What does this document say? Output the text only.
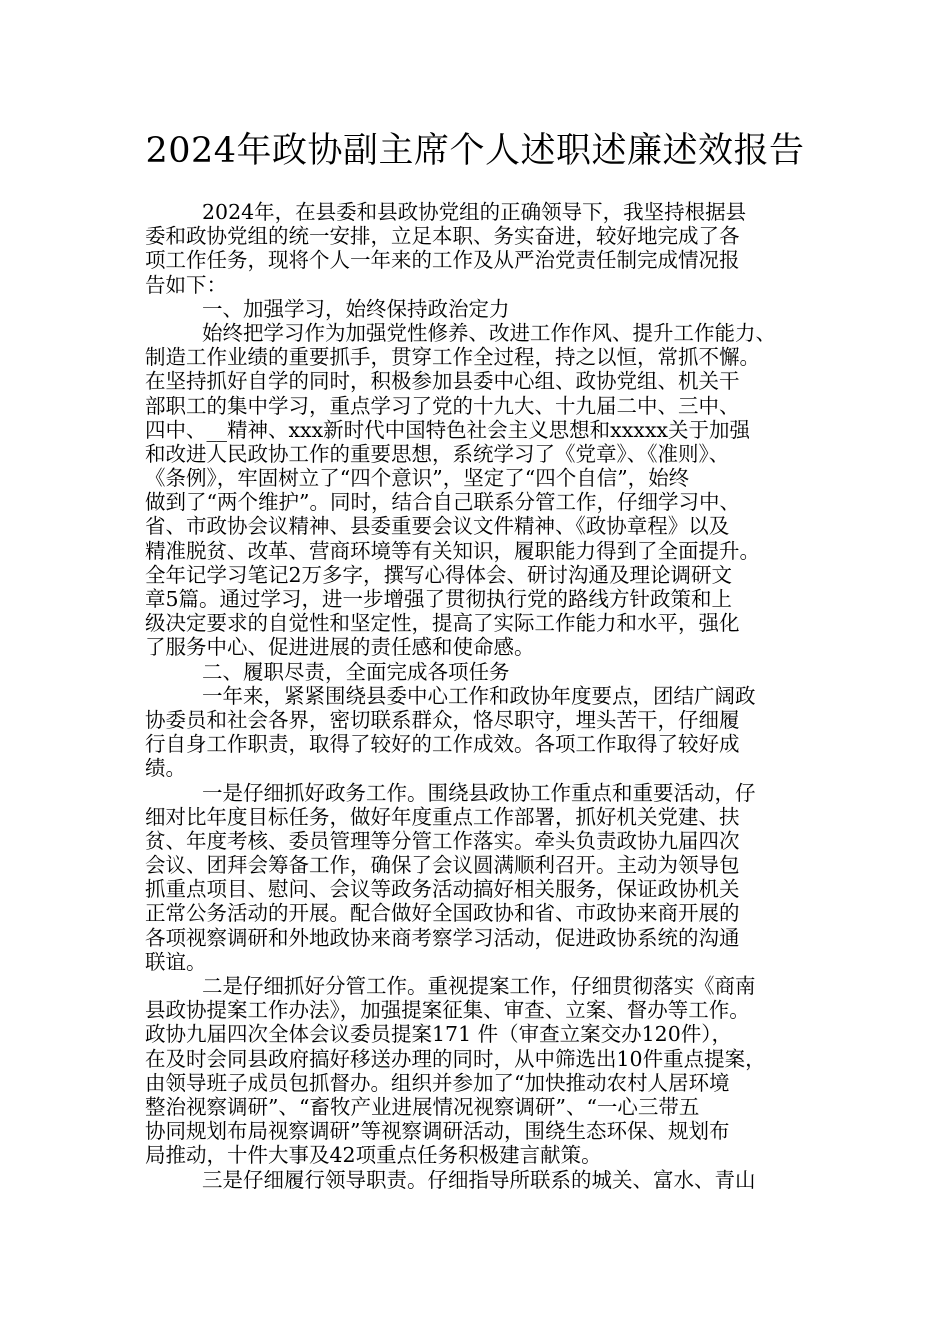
2024年政协副主席个人述职述廉述效报告
2024年，在县委和县政协党组的正确领导下，我坚持根据县
委和政协党组的统一安排，立足本职、务实奋进，较好地完成了各
项工作任务，现将个人一年来的工作及从严治党责任制完成情况报
告如下：
一、加强学习，始终保持政治定力
始终把学习作为加强党性修养、改进工作作风、提升工作能力、
制造工作业绩的重要抓手，贯穿工作全过程，持之以恒，常抓不懈。
在坚持抓好自学的同时，积极参加县委中心组、政协党组、机关干
部职工的集中学习，重点学习了党的十九大、十九届二中、三中、
四中、__精神、xxx新时代中国特色社会主义思想和xxxxx关于加强
和改进人民政协工作的重要思想，系统学习了《党章》、《准则》、
《条例》，牢固树立了“四个意识”，坚定了“四个自信”，始终
做到了“两个维护”。同时，结合自己联系分管工作，仔细学习中、
省、市政协会议精神、县委重要会议文件精神、《政协章程》以及
精准脱贫、改革、营商环境等有关知识，履职能力得到了全面提升。
全年记学习笔记2万多字，撰写心得体会、研讨沟通及理论调研文
章5篇。通过学习，进一步增强了贯彻执行党的路线方针政策和上
级决定要求的自觉性和坚定性，提高了实际工作能力和水平，强化
了服务中心、促进进展的责任感和使命感。
二、履职尽责，全面完成各项任务
一年来，紧紧围绕县委中心工作和政协年度要点，团结广阔政
协委员和社会各界，密切联系群众，恪尽职守，埋头苦干，仔细履
行自身工作职责，取得了较好的工作成效。各项工作取得了较好成
绩。
一是仔细抓好政务工作。围绕县政协工作重点和重要活动，仔
细对比年度目标任务，做好年度重点工作部署，抓好机关党建、扶
贫、年度考核、委员管理等分管工作落实。牵头负责政协九届四次
会议、团拜会筹备工作，确保了会议圆满顺利召开。主动为领导包
抓重点项目、慰问、会议等政务活动搞好相关服务，保证政协机关
正常公务活动的开展。配合做好全国政协和省、市政协来商开展的
各项视察调研和外地政协来商考察学习活动，促进政协系统的沟通
联谊。
二是仔细抓好分管工作。重视提案工作，仔细贯彻落实《商南
县政协提案工作办法》，加强提案征集、审查、立案、督办等工作。
政协九届四次全体会议委员提案171 件（审查立案交办120件），
在及时会同县政府搞好移送办理的同时，从中筛选出10件重点提案，
由领导班子成员包抓督办。组织并参加了“加快推动农村人居环境
整治视察调研”、“畜牧产业进展情况视察调研”、“一心三带五
协同规划布局视察调研”等视察调研活动，围绕生态环保、规划布
局推动，十件大事及42项重点任务积极建言献策。
三是仔细履行领导职责。仔细指导所联系的城关、富水、青山
